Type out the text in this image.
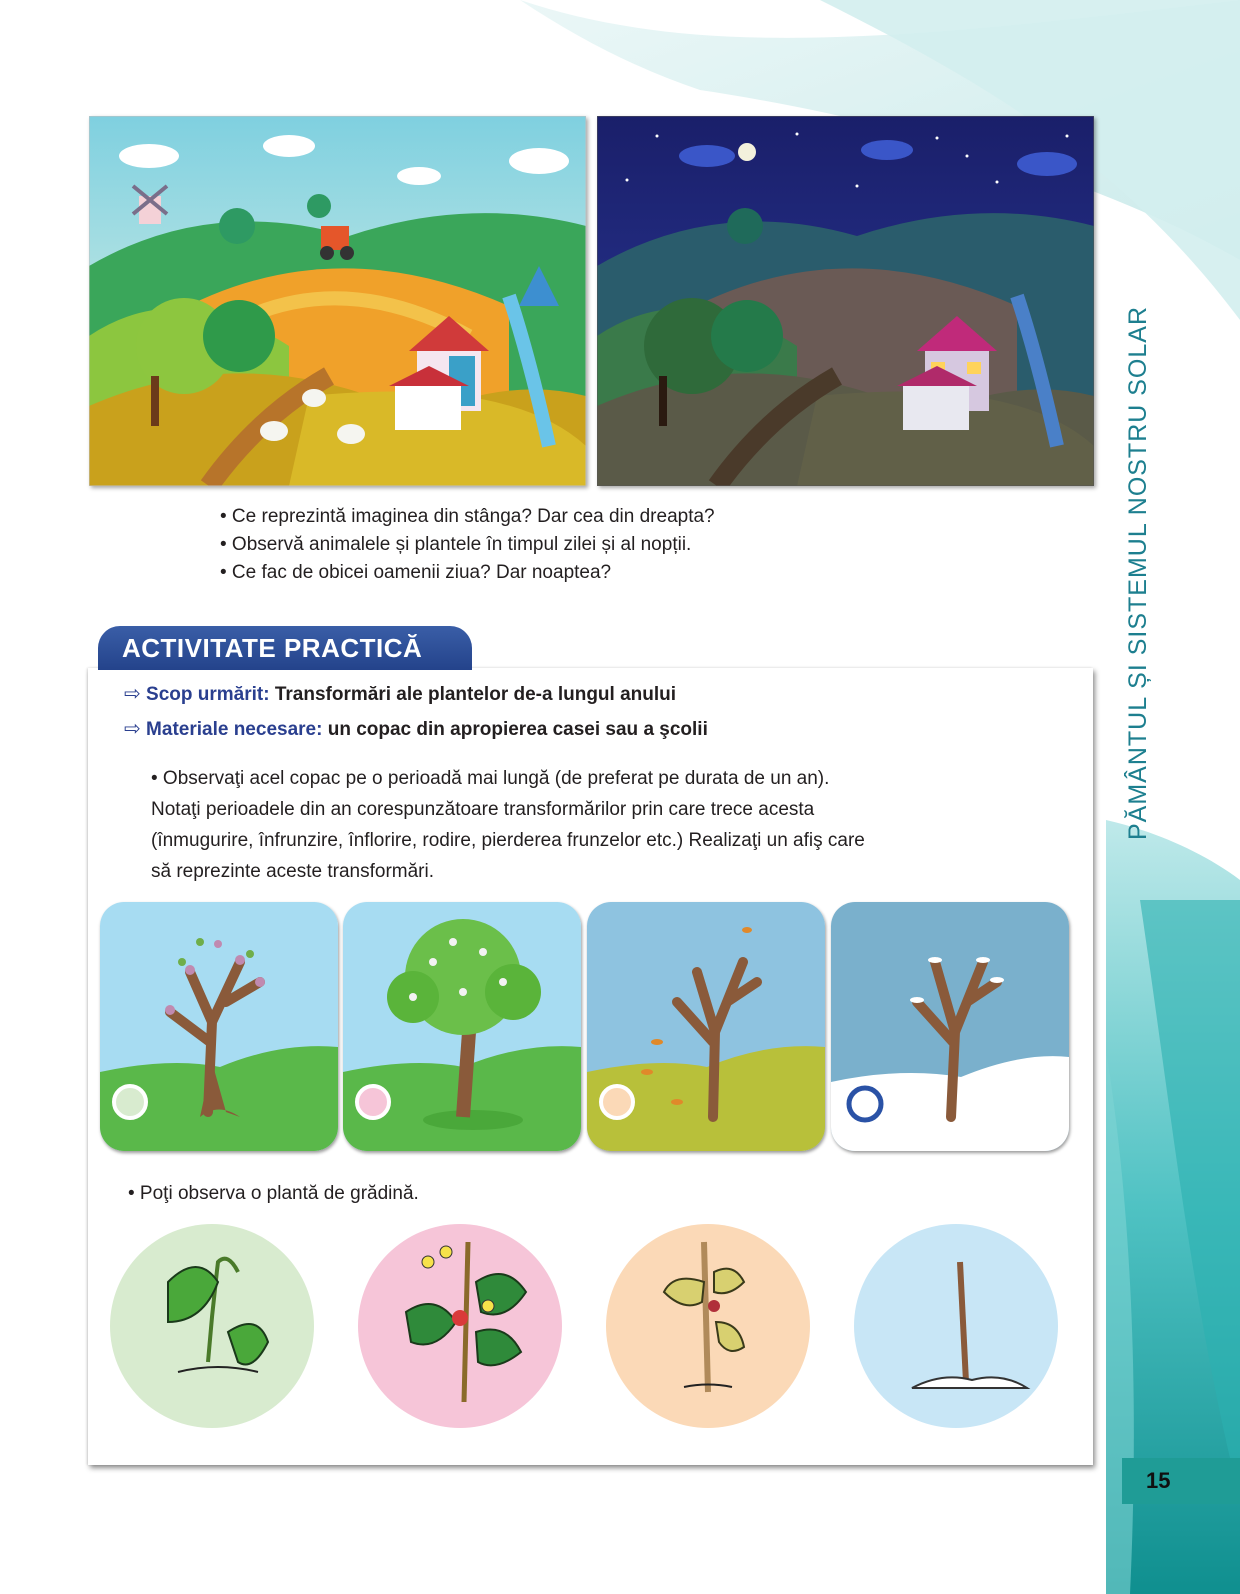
PĂMÂNTUL ȘI SISTEMUL NOSTRU SOLAR
15
• Ce reprezintă imaginea din stânga? Dar cea din dreapta?
• Observă animalele și plantele în timpul zilei și al nopții.
• Ce fac de obicei oamenii ziua? Dar noaptea?
ACTIVITATE PRACTICĂ
⇨ Scop urmărit: Transformări ale plantelor de-a lungul anului
⇨ Materiale necesare: un copac din apropierea casei sau a şcolii
• Observaţi acel copac pe o perioadă mai lungă (de preferat pe durata de un an).
Notaţi perioadele din an corespunzătoare transformărilor prin care trece acesta
(înmugurire, înfrunzire, înflorire, rodire, pierderea frunzelor etc.) Realizaţi un afiş care
să reprezinte aceste transformări.
• Poţi observa o plantă de grădină.
